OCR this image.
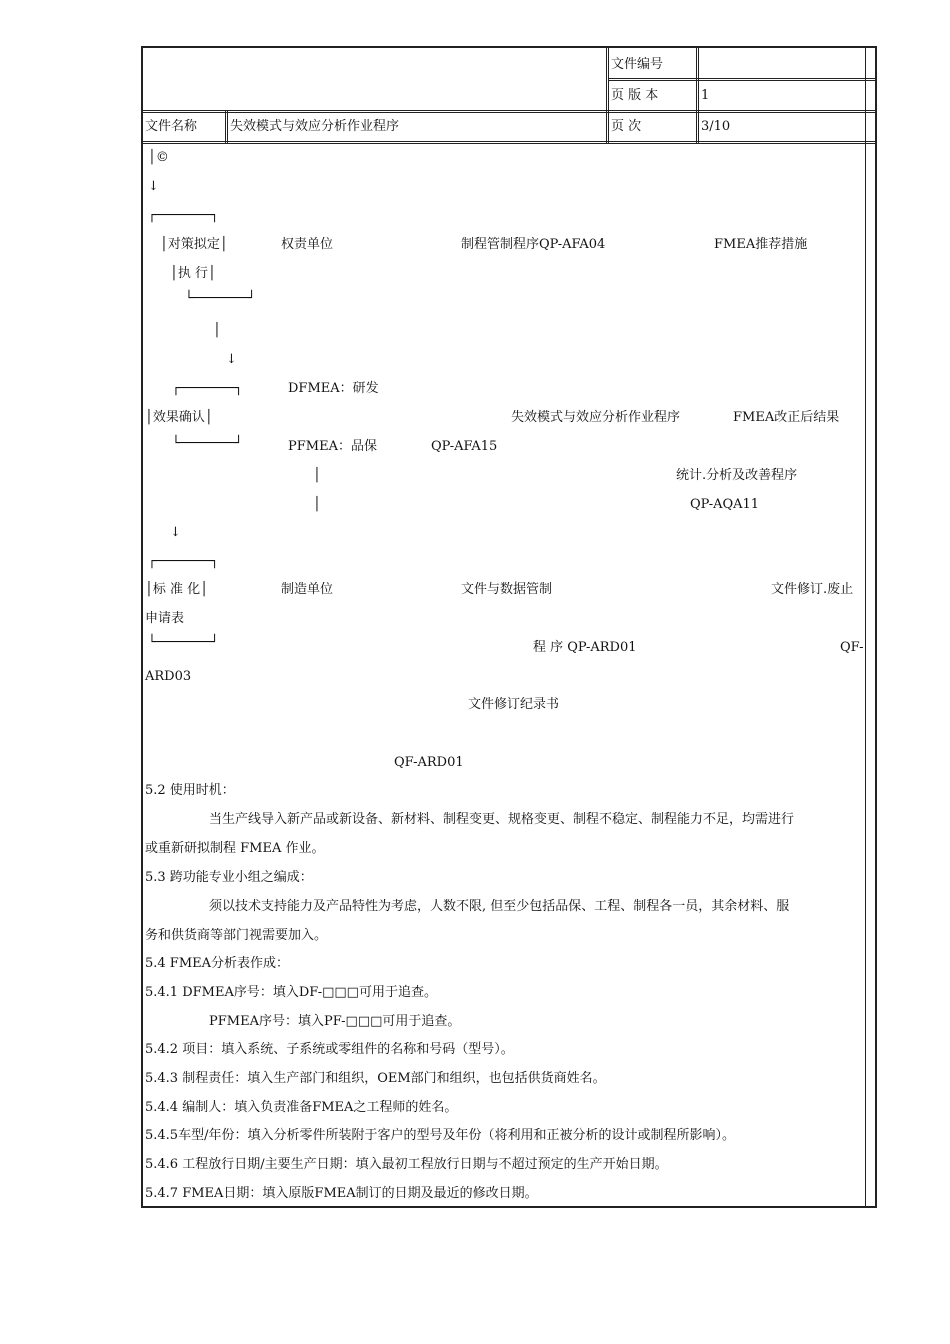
文件编号
页 版 本	1
文件名称	失效模式与效应分析作业程序	页 次	3/10
│©
↓
┌───────┐
│对策拟定│	权责单位	制程管制程序QP-AFA04	FMEA推荐措施
│执 行│
└───────┘
│
↓
┌───────┐	DFMEA：研发
│效果确认│	失效模式与效应分析作业程序	FMEA改正后结果
└───────┘	PFMEA：品保	QP-AFA15
│	统计.分析及改善程序
│	QP-AQA11
↓
┌───────┐
│标 准 化│	制造单位	文件与数据管制	文件修订.废止
申请表
└───────┘	程 序 QP-ARD01	QF-
ARD03
文件修订纪录书
QF-ARD01
5.2 使用时机：
当生产线导入新产品或新设备、新材料、制程变更、规格变更、制程不稳定、制程能力不足，均需进行
或重新研拟制程 FMEA 作业。
5.3 跨功能专业小组之编成：
须以技术支持能力及产品特性为考虑，人数不限, 但至少包括品保、工程、制程各一员，其余材料、服
务和供货商等部门视需要加入。
5.4 FMEA分析表作成：
5.4.1 DFMEA序号：填入DF-□□□可用于追查。
PFMEA序号：填入PF-□□□可用于追查。
5.4.2 项目：填入系统、子系统或零组件的名称和号码（型号）。
5.4.3 制程责任：填入生产部门和组织，OEM部门和组织，也包括供货商姓名。
5.4.4 编制人：填入负责准备FMEA之工程师的姓名。
5.4.5车型/年份：填入分析零件所装附于客户的型号及年份（将利用和正被分析的设计或制程所影响）。
5.4.6 工程放行日期/主要生产日期：填入最初工程放行日期与不超过预定的生产开始日期。
5.4.7 FMEA日期：填入原版FMEA制订的日期及最近的修改日期。
